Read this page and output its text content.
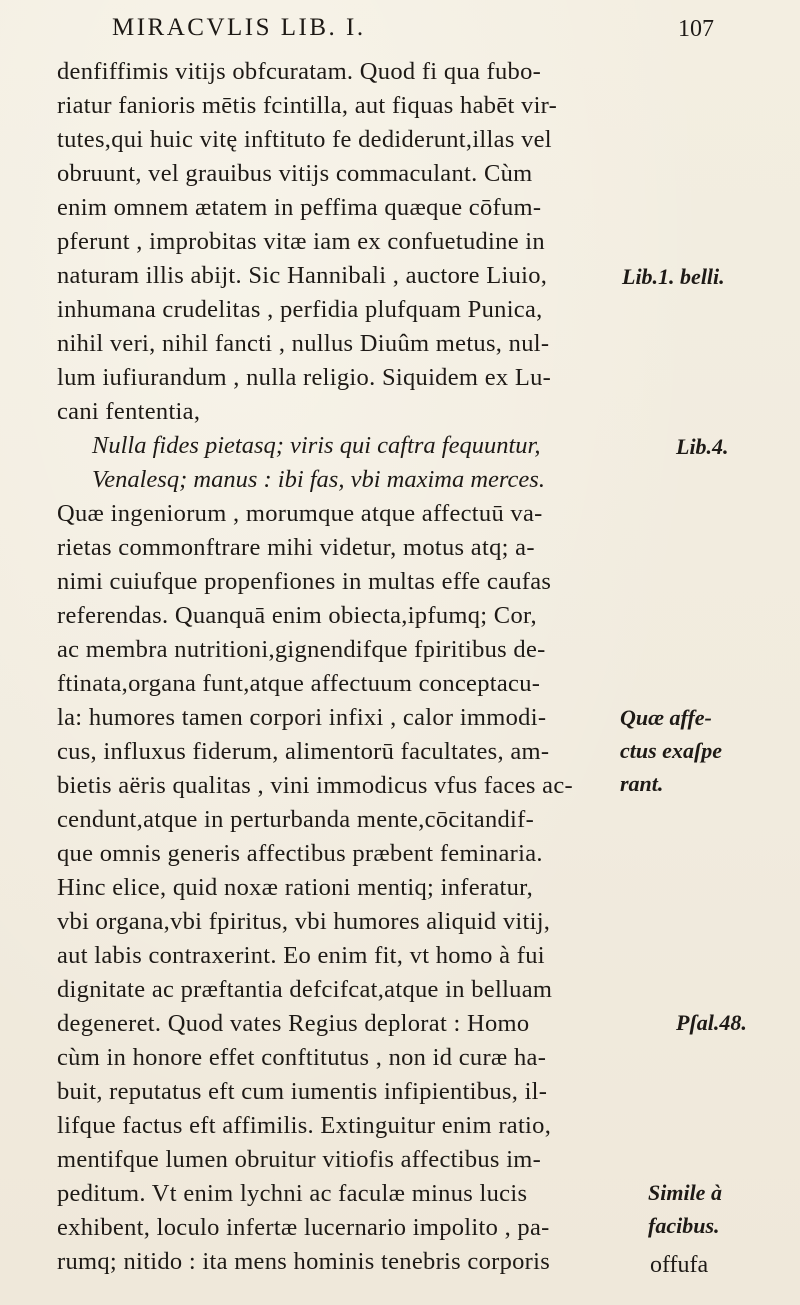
MIRACVLIS LIB. I.	107
denfiffimis vitijs obfcuratam. Quod fi qua fubo-
riatur fanioris mētis fcintilla, aut fiquas habēt vir-
tutes,qui huic vitę inftituto fe dediderunt,illas vel
obruunt, vel grauibus vitijs commaculant. Cùm
enim omnem ætatem in peffima quæque cōfum-
pferunt , improbitas vitæ iam ex confuetudine in
naturam illis abijt. Sic Hannibali , auctore Liuio,
inhumana crudelitas , perfidia plufquam Punica,
nihil veri, nihil fancti , nullus Diuûm metus, nul-
lum iufiurandum , nulla religio. Siquidem ex Lu-
cani fententia,
Nulla fides pietasq; viris qui caftra fequuntur,
Venalesq; manus : ibi fas, vbi maxima merces.
Quæ ingeniorum , morumque atque affectuū va-
rietas commonftrare mihi videtur, motus atq; a-
nimi cuiufque propenfiones in multas effe caufas
referendas. Quanquā enim obiecta,ipfumq; Cor,
ac membra nutritioni,gignendifque fpiritibus de-
ftinata,organa funt,atque affectuum conceptacu-
la: humores tamen corpori infixi , calor immodi-
cus, influxus fiderum, alimentorū facultates, am-
bietis aëris qualitas , vini immodicus vfus faces ac-
cendunt,atque in perturbanda mente,cōcitandif-
que omnis generis affectibus præbent feminaria.
Hinc elice, quid noxæ rationi mentiq; inferatur,
vbi organa,vbi fpiritus, vbi humores aliquid vitij,
aut labis contraxerint. Eo enim fit, vt homo à fui
dignitate ac præftantia defcifcat,atque in belluam
degeneret. Quod vates Regius deplorat : Homo
cùm in honore effet conftitutus , non id curæ ha-
buit, reputatus eft cum iumentis infipientibus, il-
lifque factus eft affimilis. Extinguitur enim ratio,
mentifque lumen obruitur vitiofis affectibus im-
peditum. Vt enim lychni ac faculæ minus lucis
exhibent, loculo infertæ lucernario impolito , pa-
rumq; nitido : ita mens hominis tenebris corporis
Lib.1. belli.
Lib.4.
Quæ affe-
ctus exaſpe
rant.
Pſal.48.
Simile à
facibus.
offufa
